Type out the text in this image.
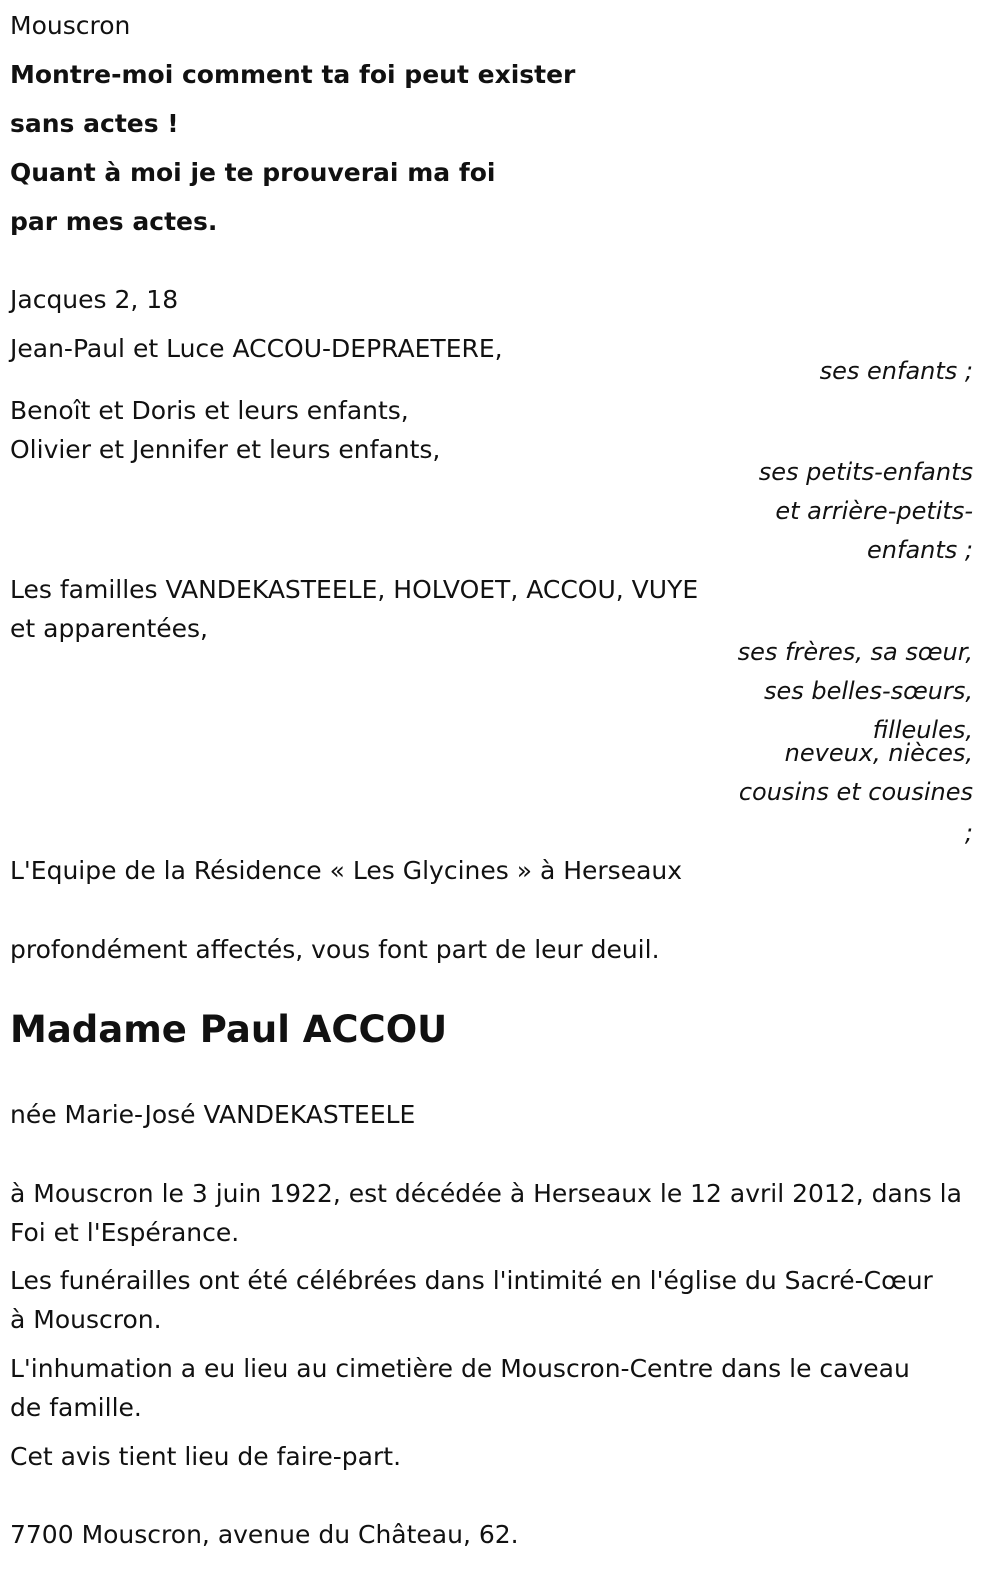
Mouscron

Montre-moi comment ta foi peut exister

sans actes !

Quant à moi je te prouverai ma foi

par mes actes.

Jacques 2, 18

Jean-Paul et Luce ACCOU-DEPRAETERE,

ses enfants ;

Benoît et Doris et leurs enfants,

Olivier et Jennifer et leurs enfants,

ses petits-enfants

et arrière-petits-

enfants ;

Les familles VANDEKASTEELE, HOLVOET, ACCOU, VUYE

et apparentées,

ses frères, sa sœur,

ses belles-sœurs,

filleules,

neveux, nièces,

cousins et cousines

;

L'Equipe de la Résidence « Les Glycines » à Herseaux

profondément affectés, vous font part de leur deuil.

Madame Paul ACCOU

née Marie-José VANDEKASTEELE

à Mouscron le 3 juin 1922, est décédée à Herseaux le 12 avril 2012, dans la

Foi et l'Espérance.

Les funérailles ont été célébrées dans l'intimité en l'église du Sacré-Cœur

à Mouscron.

L'inhumation a eu lieu au cimetière de Mouscron-Centre dans le caveau

de famille.

Cet avis tient lieu de faire-part.

7700 Mouscron, avenue du Château, 62.
